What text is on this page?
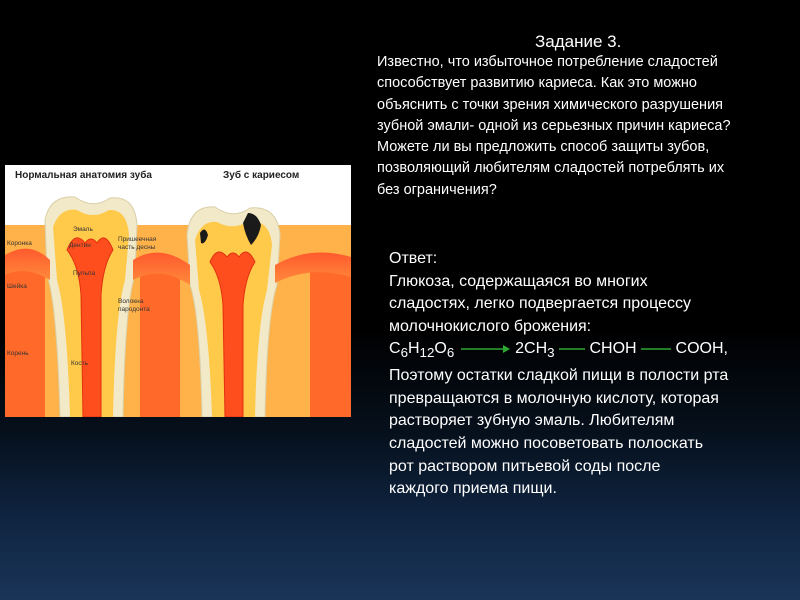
Задание 3.
Известно, что избыточное потребление сладостей
способствует развитию кариеса. Как это можно
объяснить с точки зрения химического разрушения
зубной эмали- одной из серьезных причин кариеса?
Можете ли вы предложить способ защиты зубов,
позволяющий любителям сладостей потреблять их
без ограничения?
Нормальная анатомия зуба	Зуб с кариесом
Коронка
Эмаль
Дентин
Пульпа
Пришеечная
часть десны
Шейка
Волокна
пародонта
Корень
Кость

Ответ:

Глюкоза, содержащаяся во многих

сладостях, легко подвергается процессу

молочнокислого брожения:

$C_6H_{12}O_6 \to 2CH_3$ CHOH COOH,

Поэтому остатки сладкой пищи в полости рта

превращаются в молочную кислоту, которая

растворяет зубную эмаль. Любителям

сладостей можно посоветовать полоскать

рот раствором питьевой соды после

каждого приема пищи.
